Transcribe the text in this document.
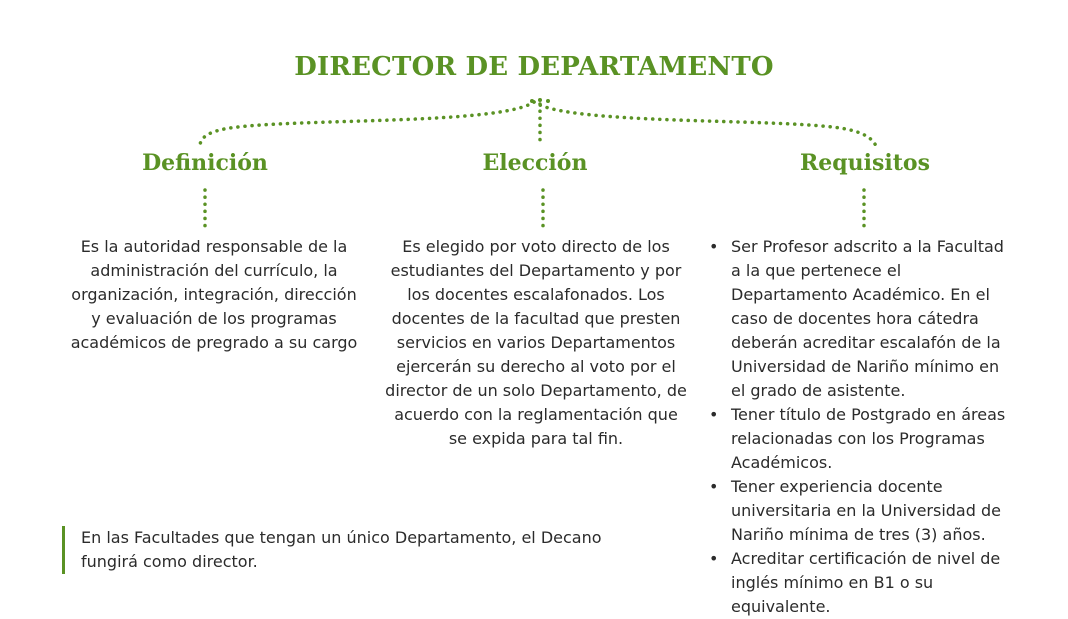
DIRECTOR DE DEPARTAMENTO
Definición	Elección	Requisitos

Es la autoridad responsable de la administración del currículo, la organización, integración, dirección y evaluación de los programas académicos de pregrado a su cargo

Es elegido por voto directo de los estudiantes del Departamento y por los docentes escalafonados. Los docentes de la facultad que presten servicios en varios Departamentos ejercerán su derecho al voto por el director de un solo Departamento, de acuerdo con la reglamentación que se expida para tal fin.

• Ser Profesor adscrito a la Facultad a la que pertenece el Departamento Académico. En el caso de docentes hora cátedra deberán acreditar escalafón de la Universidad de Nariño mínimo en el grado de asistente.
• Tener título de Postgrado en áreas relacionadas con los Programas Académicos.
• Tener experiencia docente universitaria en la Universidad de Nariño mínima de tres (3) años.
• Acreditar certificación de nivel de inglés mínimo en B1 o su equivalente.

En las Facultades que tengan un único Departamento, el Decano fungirá como director.
